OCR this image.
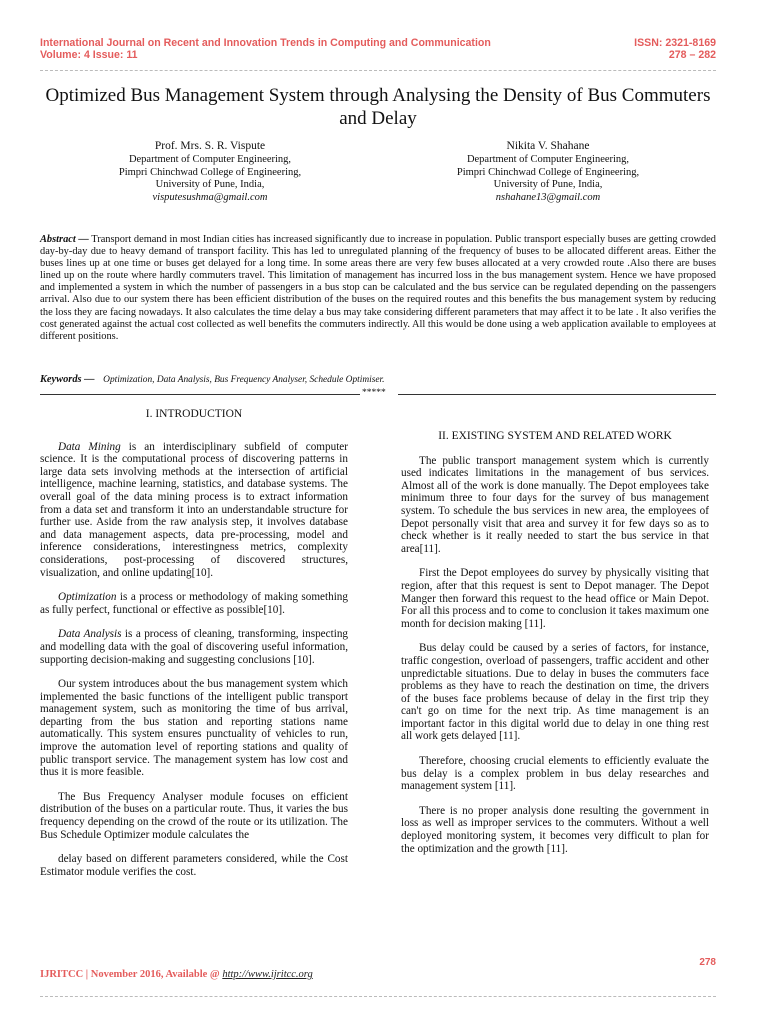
International Journal on Recent and Innovation Trends in Computing and Communication
Volume: 4 Issue: 11
ISSN: 2321-8169
278 – 282
Optimized Bus Management System through Analysing the Density of Bus Commuters and Delay
Prof. Mrs. S. R. Vispute
Department of Computer Engineering,
Pimpri Chinchwad College of Engineering,
University of Pune, India,
visputesushma@gmail.com
Nikita V. Shahane
Department of Computer Engineering,
Pimpri Chinchwad College of Engineering,
University of Pune, India,
nshahane13@gmail.com
Abstract — Transport demand in most Indian cities has increased significantly due to increase in population. Public transport especially buses are getting crowded day-by-day due to heavy demand of transport facility. This has led to unregulated planning of the frequency of buses to be allocated different areas. Either the buses lines up at one time or buses get delayed for a long time. In some areas there are very few buses allocated at a very crowded route .Also there are buses lined up on the route where hardly commuters travel. This limitation of management has incurred loss in the bus management system. Hence we have proposed and implemented a system in which the number of passengers in a bus stop can be calculated and the bus service can be regulated depending on the passengers arrival. Also due to our system there has been efficient distribution of the buses on the required routes and this benefits the bus management system by reducing the loss they are facing nowadays. It also calculates the time delay a bus may take considering different parameters that may affect it to be late . It also verifies the cost generated against the actual cost collected as well benefits the commuters indirectly. All this would be done using a web application available to employees at different positions.
Keywords — Optimization, Data Analysis, Bus Frequency Analyser, Schedule Optimiser.
*****
I. INTRODUCTION

Data Mining is an interdisciplinary subfield of computer science. It is the computational process of discovering patterns in large data sets involving methods at the intersection of artificial intelligence, machine learning, statistics, and database systems. The overall goal of the data mining process is to extract information from a data set and transform it into an understandable structure for further use. Aside from the raw analysis step, it involves database and data management aspects, data pre-processing, model and inference considerations, interestingness metrics, complexity considerations, post-processing of discovered structures, visualization, and online updating[10].

Optimization is a process or methodology of making something as fully perfect, functional or effective as possible[10].

Data Analysis is a process of cleaning, transforming, inspecting and modelling data with the goal of discovering useful information, supporting decision-making and suggesting conclusions [10].

Our system introduces about the bus management system which implemented the basic functions of the intelligent public transport management system, such as monitoring the time of bus arrival, departing from the bus station and reporting stations name automatically. This system ensures punctuality of vehicles to run, improve the automation level of reporting stations and quality of public transport service. The management system has low cost and thus it is more feasible.

The Bus Frequency Analyser module focuses on efficient distribution of the buses on a particular route. Thus, it varies the bus frequency depending on the crowd of the route or its utilization. The Bus Schedule Optimizer module calculates the

delay based on different parameters considered, while the Cost Estimator module verifies the cost.

II. EXISTING SYSTEM AND RELATED WORK

The public transport management system which is currently used indicates limitations in the management of bus services. Almost all of the work is done manually. The Depot employees take minimum three to four days for the survey of bus management system. To schedule the bus services in new area, the employees of Depot personally visit that area and survey it for few days so as to check whether is it really needed to start the bus service in that area[11].

First the Depot employees do survey by physically visiting that region, after that this request is sent to Depot manager. The Depot Manger then forward this request to the head office or Main Depot. For all this process and to come to conclusion it takes maximum one month for decision making [11].

Bus delay could be caused by a series of factors, for instance, traffic congestion, overload of passengers, traffic accident and other unpredictable situations. Due to delay in buses the commuters face problems as they have to reach the destination on time, the drivers of the buses face problems because of delay in the first trip they can't go on time for the next trip. As time management is an important factor in this digital world due to delay in one thing rest all work gets delayed [11].

Therefore, choosing crucial elements to efficiently evaluate the bus delay is a complex problem in bus delay researches and management system [11].

There is no proper analysis done resulting the government in loss as well as improper services to the commuters. Without a well deployed monitoring system, it becomes very difficult to plan for the optimization and the growth [11].

IJRITCC | November 2016, Available @ http://www.ijritcc.org
278
